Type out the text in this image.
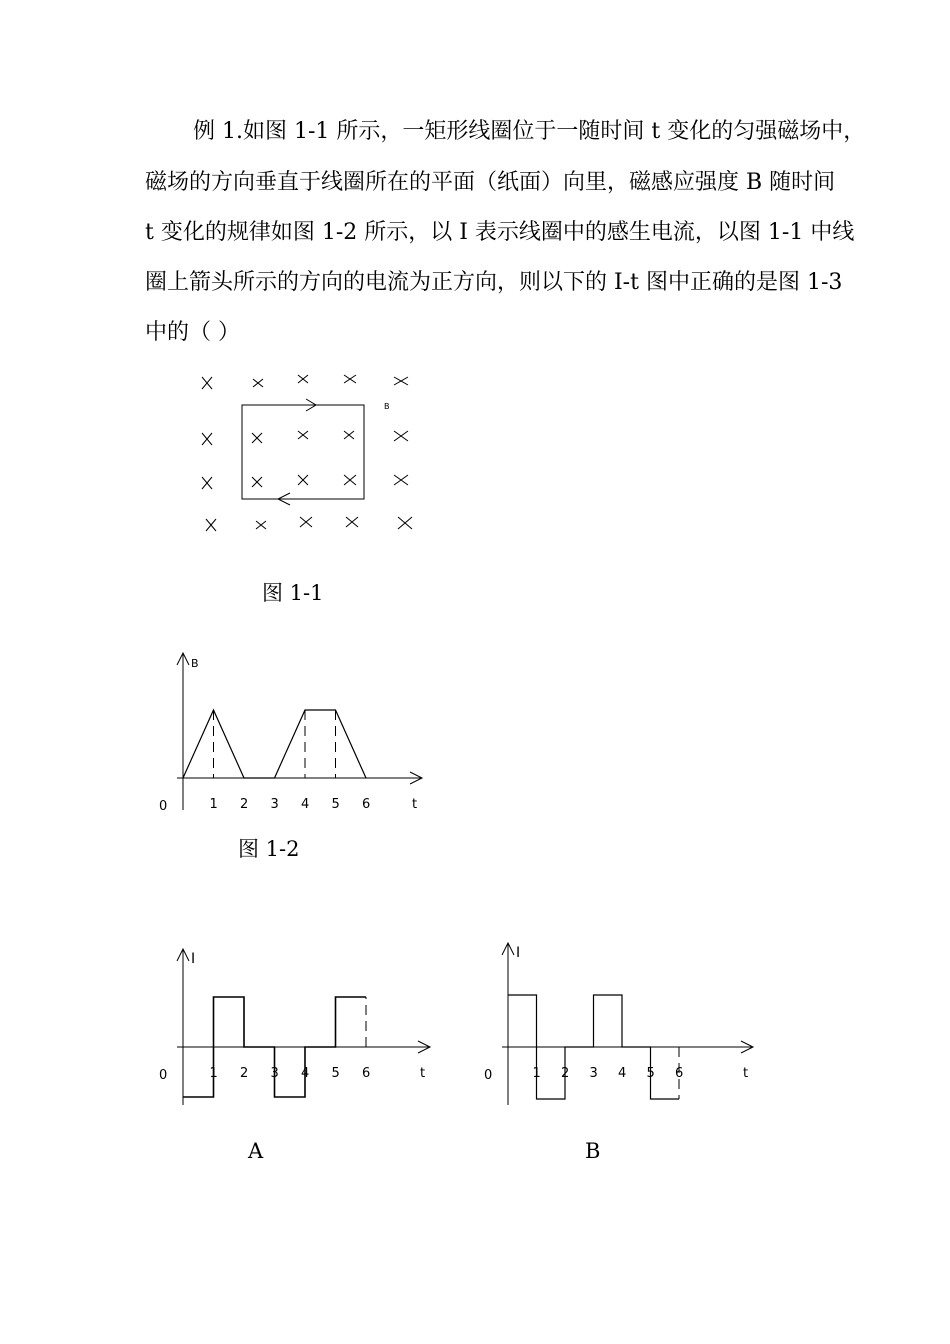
例 1.如图 1-1 所示，一矩形线圈位于一随时间 t 变化的匀强磁场中，
磁场的方向垂直于线圈所在的平面（纸面）向里，磁感应强度 B 随时间
t 变化的规律如图 1-2 所示，以 I 表示线圈中的感生电流，以图 1-1 中线
圈上箭头所示的方向的电流为正方向，则以下的 I-t 图中正确的是图 1-3
中的（ ）
B
图 1-1
B
t
0	1 2 3 4 5 6
图 1-2
I
t
0	1 2 3 4 5 6
A
I
t
0	1 2 3 4 5 6
B
